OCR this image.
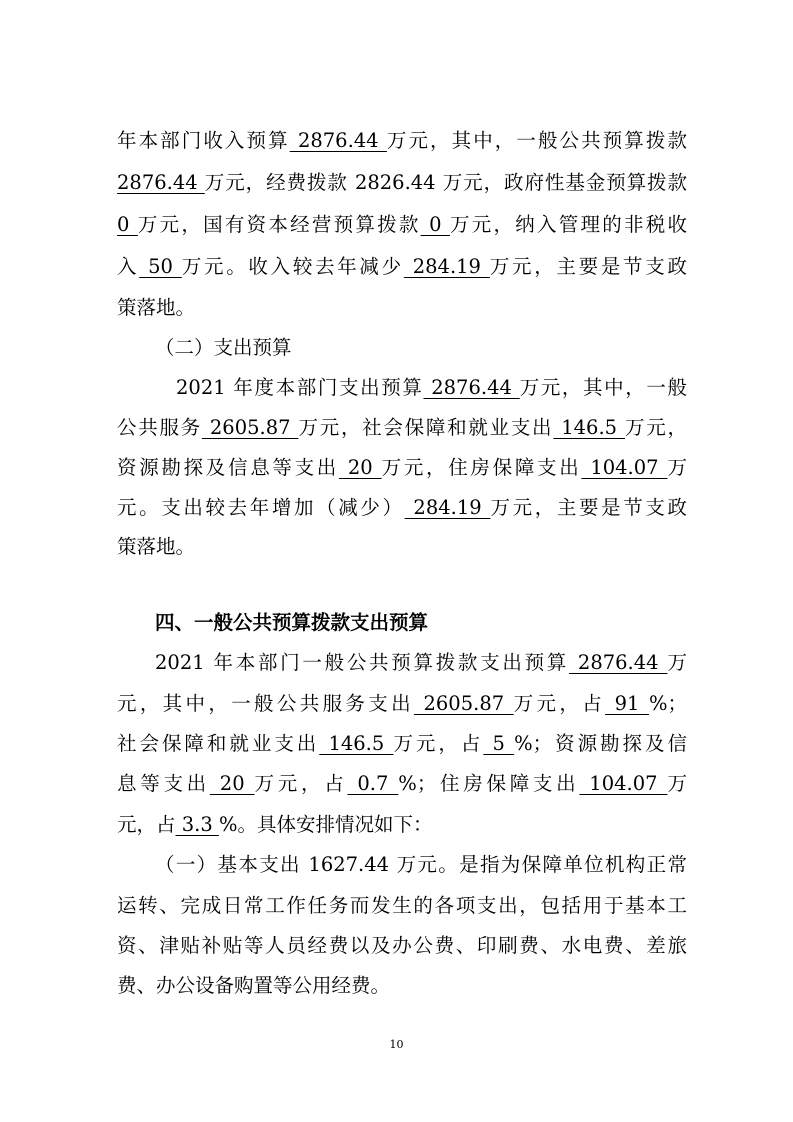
年本部门收入预算 2876.44 万元，其中，一般公共预算拨款
2876.44 万元，经费拨款 2826.44 万元，政府性基金预算拨款
0 万元，国有资本经营预算拨款 0 万元，纳入管理的非税收
入 50 万元。收入较去年减少 284.19 万元，主要是节支政
策落地。
（二）支出预算
2021 年度本部门支出预算 2876.44 万元，其中，一般
公共服务 2605.87 万元，社会保障和就业支出 146.5 万元，
资源勘探及信息等支出 20 万元，住房保障支出 104.07 万
元。支出较去年增加（减少） 284.19 万元，主要是节支政
策落地。
四、一般公共预算拨款支出预算
2021 年本部门一般公共预算拨款支出预算 2876.44 万
元，其中，一般公共服务支出 2605.87 万元，占 91 %；
社会保障和就业支出 146.5 万元，占 5 %；资源勘探及信
息等支出 20 万元，占 0.7 %；住房保障支出 104.07 万
元，占 3.3 %。具体安排情况如下：
（一）基本支出 1627.44 万元。是指为保障单位机构正常
运转、完成日常工作任务而发生的各项支出，包括用于基本工
资、津贴补贴等人员经费以及办公费、印刷费、水电费、差旅
费、办公设备购置等公用经费。
10
